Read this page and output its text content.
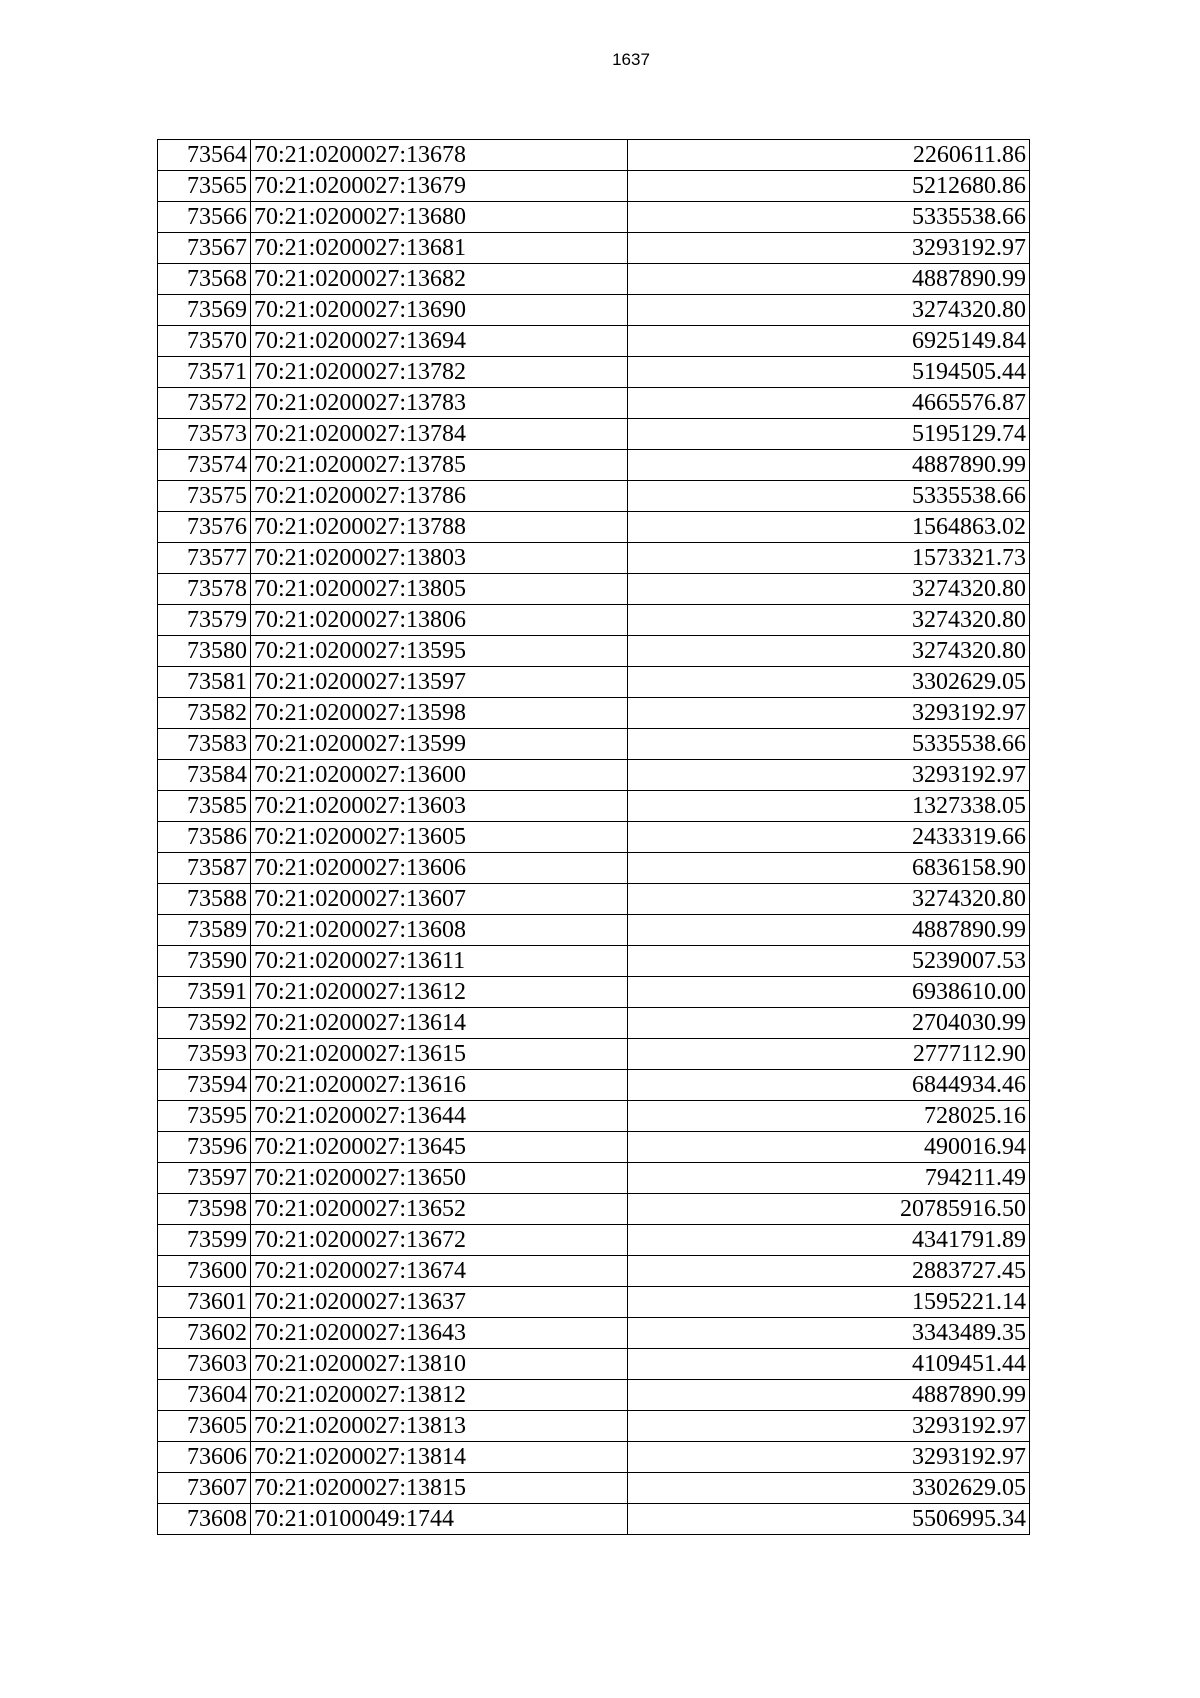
1637
73564	70:21:0200027:13678	2260611.86
73565	70:21:0200027:13679	5212680.86
73566	70:21:0200027:13680	5335538.66
73567	70:21:0200027:13681	3293192.97
73568	70:21:0200027:13682	4887890.99
73569	70:21:0200027:13690	3274320.80
73570	70:21:0200027:13694	6925149.84
73571	70:21:0200027:13782	5194505.44
73572	70:21:0200027:13783	4665576.87
73573	70:21:0200027:13784	5195129.74
73574	70:21:0200027:13785	4887890.99
73575	70:21:0200027:13786	5335538.66
73576	70:21:0200027:13788	1564863.02
73577	70:21:0200027:13803	1573321.73
73578	70:21:0200027:13805	3274320.80
73579	70:21:0200027:13806	3274320.80
73580	70:21:0200027:13595	3274320.80
73581	70:21:0200027:13597	3302629.05
73582	70:21:0200027:13598	3293192.97
73583	70:21:0200027:13599	5335538.66
73584	70:21:0200027:13600	3293192.97
73585	70:21:0200027:13603	1327338.05
73586	70:21:0200027:13605	2433319.66
73587	70:21:0200027:13606	6836158.90
73588	70:21:0200027:13607	3274320.80
73589	70:21:0200027:13608	4887890.99
73590	70:21:0200027:13611	5239007.53
73591	70:21:0200027:13612	6938610.00
73592	70:21:0200027:13614	2704030.99
73593	70:21:0200027:13615	2777112.90
73594	70:21:0200027:13616	6844934.46
73595	70:21:0200027:13644	728025.16
73596	70:21:0200027:13645	490016.94
73597	70:21:0200027:13650	794211.49
73598	70:21:0200027:13652	20785916.50
73599	70:21:0200027:13672	4341791.89
73600	70:21:0200027:13674	2883727.45
73601	70:21:0200027:13637	1595221.14
73602	70:21:0200027:13643	3343489.35
73603	70:21:0200027:13810	4109451.44
73604	70:21:0200027:13812	4887890.99
73605	70:21:0200027:13813	3293192.97
73606	70:21:0200027:13814	3293192.97
73607	70:21:0200027:13815	3302629.05
73608	70:21:0100049:1744	5506995.34
